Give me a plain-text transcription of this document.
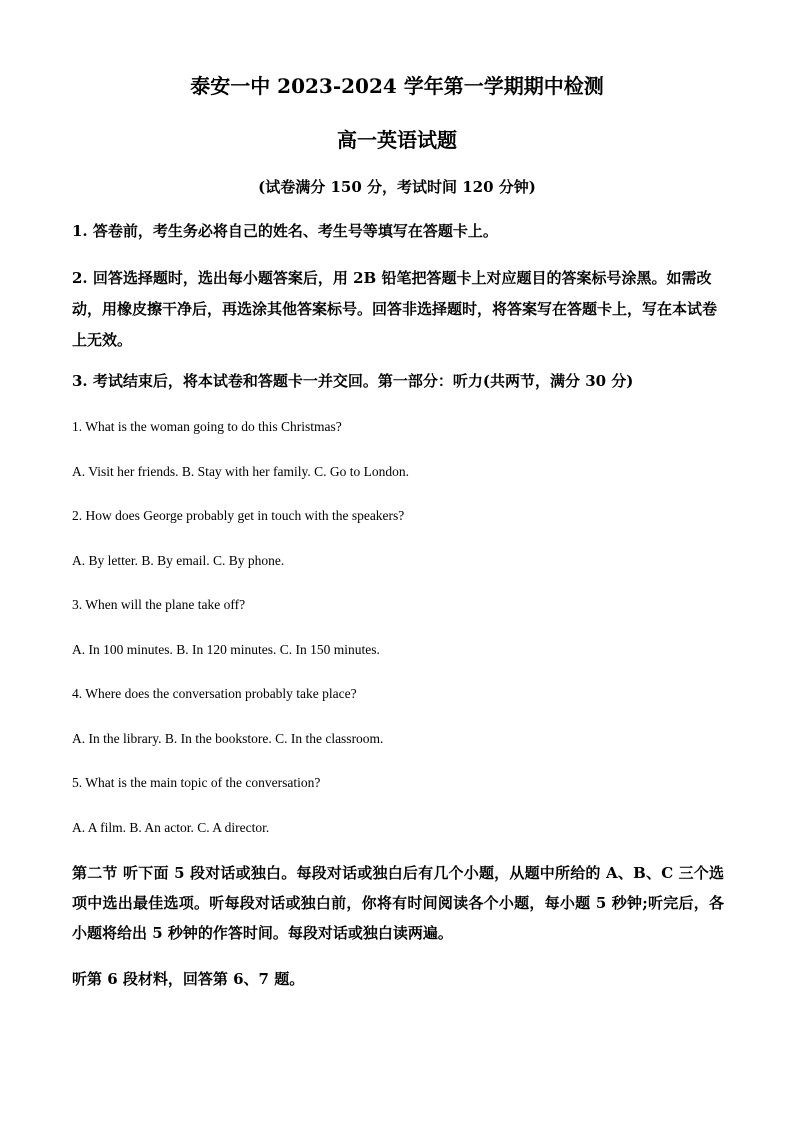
泰安一中 2023-2024 学年第一学期期中检测
高一英语试题
(试卷满分 150 分，考试时间 120 分钟)
1. 答卷前，考生务必将自己的姓名、考生号等填写在答题卡上。
2. 回答选择题时，选出每小题答案后，用 2B 铅笔把答题卡上对应题目的答案标号涂黑。如需改动，用橡皮擦干净后，再选涂其他答案标号。回答非选择题时，将答案写在答题卡上，写在本试卷上无效。
3. 考试结束后，将本试卷和答题卡一并交回。第一部分：听力(共两节，满分 30 分)
1. What is the woman going to do this Christmas?
A. Visit her friends. B. Stay with her family. C. Go to London.
2. How does George probably get in touch with the speakers?
A. By letter. B. By email. C. By phone.
3. When will the plane take off?
A. In 100 minutes. B. In 120 minutes. C. In 150 minutes.
4. Where does the conversation probably take place?
A. In the library. B. In the bookstore. C. In the classroom.
5. What is the main topic of the conversation?
A. A film. B. An actor. C. A director.
第二节 听下面 5 段对话或独白。每段对话或独白后有几个小题，从题中所给的 A、B、C 三个选项中选出最佳选项。听每段对话或独白前，你将有时间阅读各个小题，每小题 5 秒钟;听完后，各小题将给出 5 秒钟的作答时间。每段对话或独白读两遍。
听第 6 段材料，回答第 6、7 题。
